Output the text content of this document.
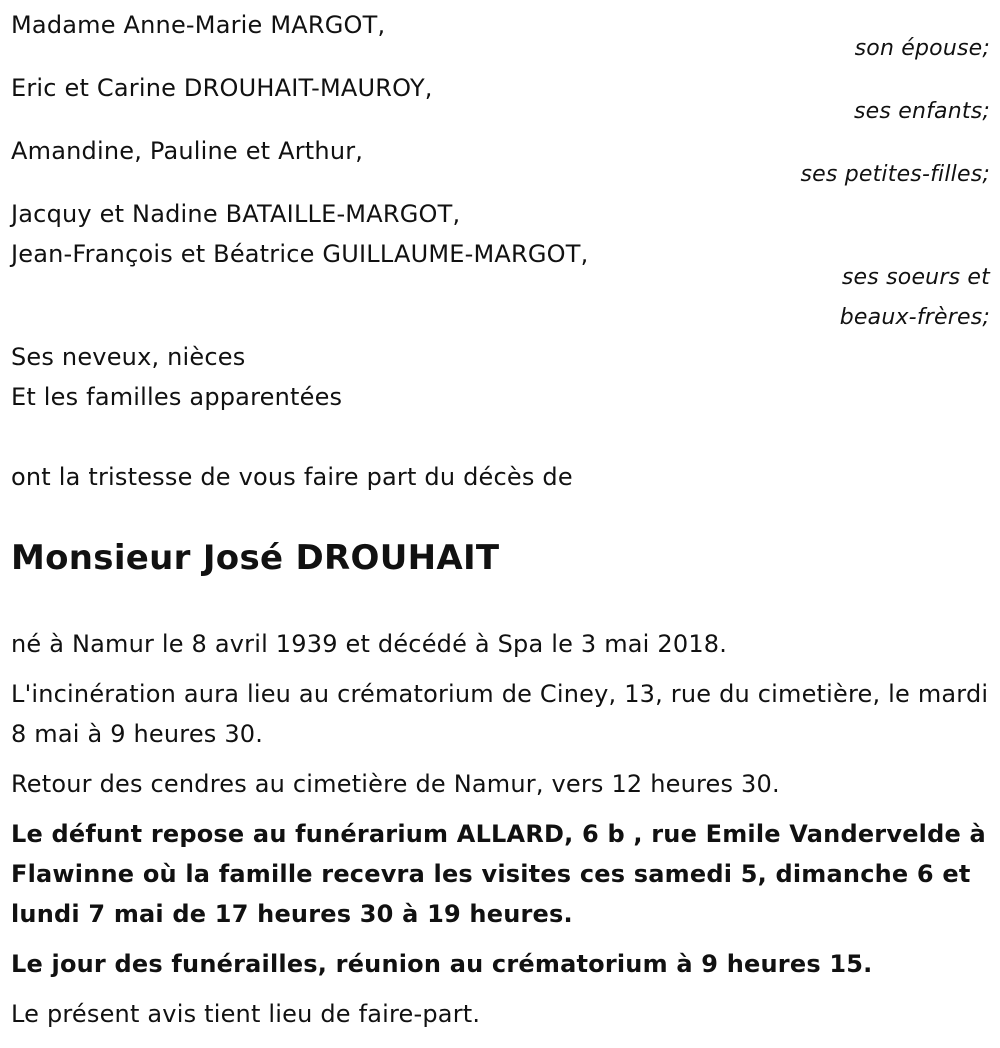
Madame Anne-Marie MARGOT,
son épouse;
Eric et Carine DROUHAIT-MAUROY,
ses enfants;
Amandine, Pauline et Arthur,
ses petites-filles;
Jacquy et Nadine BATAILLE-MARGOT,
Jean-François et Béatrice GUILLAUME-MARGOT,
ses soeurs et
beaux-frères;
Ses neveux, nièces
Et les familles apparentées
ont la tristesse de vous faire part du décès de
Monsieur José DROUHAIT
né à Namur le 8 avril 1939 et décédé à Spa le 3 mai 2018.
L'incinération aura lieu au crématorium de Ciney, 13, rue du cimetière, le mardi 8 mai à 9 heures 30.
Retour des cendres au cimetière de Namur, vers 12 heures 30.
Le défunt repose au funérarium ALLARD, 6 b , rue Emile Vandervelde à Flawinne où la famille recevra les visites ces samedi 5, dimanche 6 et lundi 7 mai de 17 heures 30 à 19 heures.
Le jour des funérailles, réunion au crématorium à 9 heures 15.
Le présent avis tient lieu de faire-part.
